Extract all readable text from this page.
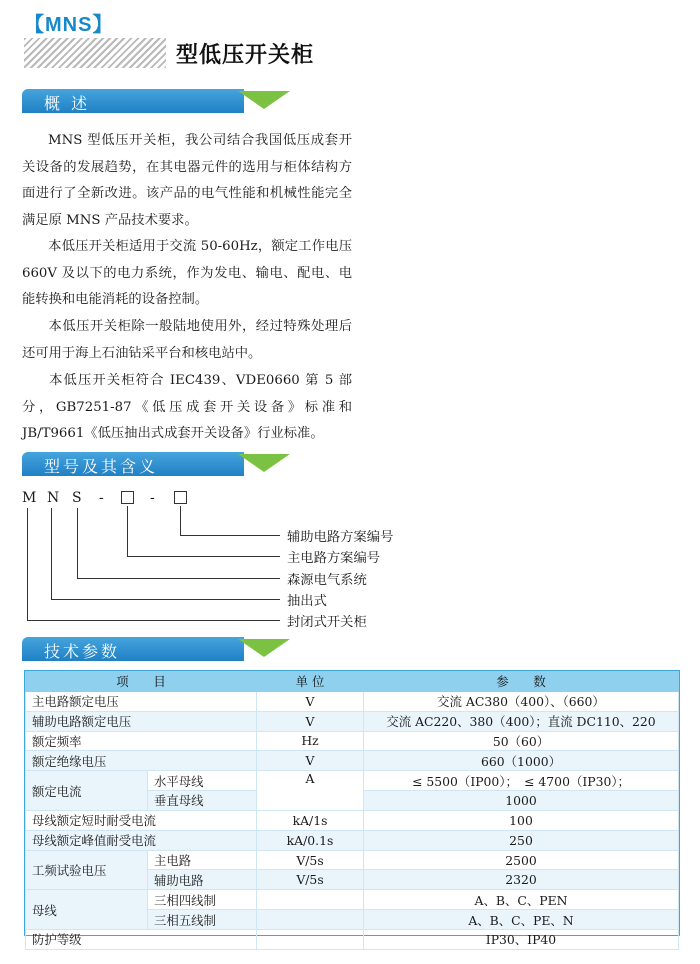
【MNS】
型低压开关柜
概 述

MNS 型低压开关柜，我公司结合我国低压成套开关设备的发展趋势，在其电器元件的选用与柜体结构方面进行了全新改进。该产品的电气性能和机械性能完全满足原 MNS 产品技术要求。

本低压开关柜适用于交流 50-60Hz，额定工作电压 660V 及以下的电力系统，作为发电、输电、配电、电能转换和电能消耗的设备控制。

本低压开关柜除一般陆地使用外，经过特殊处理后还可用于海上石油钻采平台和核电站中。

本低压开关柜符合 IEC439、VDE0660 第 5 部分，GB7251-87《低压成套开关设备》标准和 JB/T9661《低压抽出式成套开关设备》行业标准。

型号及其含义
M N S -	-
辅助电路方案编号
主电路方案编号
森源电气系统
抽出式
封闭式开关柜
技术参数
项　　目		单 位	参　　数
主电路额定电压		V	交流 AC380（400）、（660）
辅助电路额定电压		V	交流 AC220、380（400）；直流 DC110、220
额定频率		Hz	50（60）
额定绝缘电压		V	660（1000）
额定电流	水平母线	A	≤ 5500（IP00）；　≤ 4700（IP30）；
	垂直母线		1000
母线额定短时耐受电流		kA/1s	100
母线额定峰值耐受电流		kA/0.1s	250
工频试验电压	主电路	V/5s	2500
	辅助电路	V/5s	2320
母线	三相四线制		A、B、C、PEN
	三相五线制		A、B、C、PE、N
防护等级			IP30、IP40
